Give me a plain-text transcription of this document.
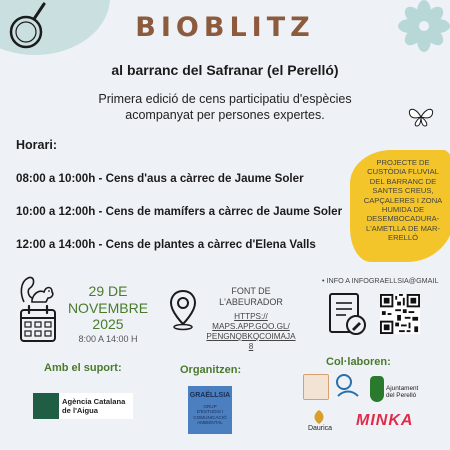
BIOBLITZ
al barranc del Safranar (el Perelló)
Primera edició de cens participatiu d'espècies
acompanyat per persones expertes.
Horari:
08:00 a 10:00h - Cens d'aus a càrrec de Jaume Soler
10:00 a 12:00h - Cens de mamífers a càrrec de Jaume Soler
12:00 a 14:00h - Cens de plantes a càrrec d'Elena Valls
PROJECTE DE
CUSTÒDIA FLUVIAL
DEL BARRANC DE
SANTES CREUS,
CAPÇALERES I ZONA
HUMIDA DE
DESEMBOCADURA-
L'AMETLLA DE MAR-
ERELLÓ
29 DE
NOVEMBRE
2025
8:00 A 14:00 H
FONT DE
L'ABEURADOR
HTTPS://
MAPS.APP.GOO.GL/
PENGNQBKQCOIMAJA
8
• INFO A INFOGRAELLSIA@GMAIL
Amb el suport:
Agència Catalana
de l'Aigua
Organitzen:
GRAËLLSIA
GRUP
D'ESTUDIS I
COMUNICACIÓ
AMBIENTAL
Col·laboren:
Ajuntament
del Perelló
Daurica MINKA
